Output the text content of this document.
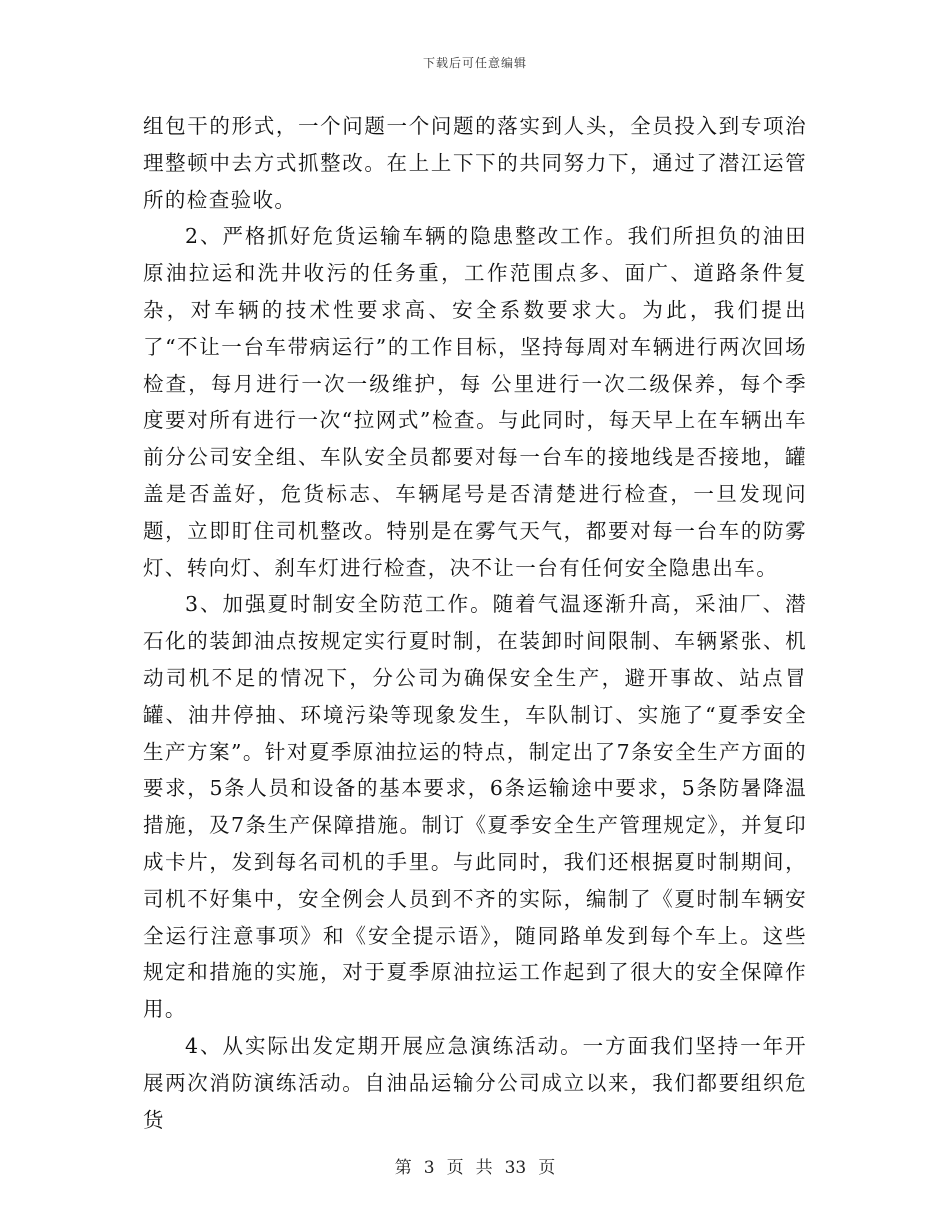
下载后可任意编辑

组包干的形式，一个问题一个问题的落实到人头，全员投入到专项治理整顿中去方式抓整改。在上上下下的共同努力下，通过了潜江运管所的检查验收。

2、严格抓好危货运输车辆的隐患整改工作。我们所担负的油田原油拉运和洗井收污的任务重，工作范围点多、面广、道路条件复杂，对车辆的技术性要求高、安全系数要求大。为此，我们提出了“不让一台车带病运行”的工作目标，坚持每周对车辆进行两次回场检查，每月进行一次一级维护，每 公里进行一次二级保养，每个季度要对所有进行一次“拉网式”检查。与此同时，每天早上在车辆出车前分公司安全组、车队安全员都要对每一台车的接地线是否接地，罐盖是否盖好，危货标志、车辆尾号是否清楚进行检查，一旦发现问题，立即盯住司机整改。特别是在雾气天气，都要对每一台车的防雾灯、转向灯、刹车灯进行检查，决不让一台有任何安全隐患出车。

3、加强夏时制安全防范工作。随着气温逐渐升高，采油厂、潜石化的装卸油点按规定实行夏时制，在装卸时间限制、车辆紧张、机动司机不足的情况下，分公司为确保安全生产，避开事故、站点冒罐、油井停抽、环境污染等现象发生，车队制订、实施了“夏季安全生产方案”。针对夏季原油拉运的特点，制定出了7条安全生产方面的要求，5条人员和设备的基本要求，6条运输途中要求，5条防暑降温措施，及7条生产保障措施。制订《夏季安全生产管理规定》，并复印成卡片，发到每名司机的手里。与此同时，我们还根据夏时制期间，司机不好集中，安全例会人员到不齐的实际，编制了《夏时制车辆安全运行注意事项》和《安全提示语》，随同路单发到每个车上。这些规定和措施的实施，对于夏季原油拉运工作起到了很大的安全保障作用。

4、从实际出发定期开展应急演练活动。一方面我们坚持一年开展两次消防演练活动。自油品运输分公司成立以来，我们都要组织危货

第 3 页 共 33 页
